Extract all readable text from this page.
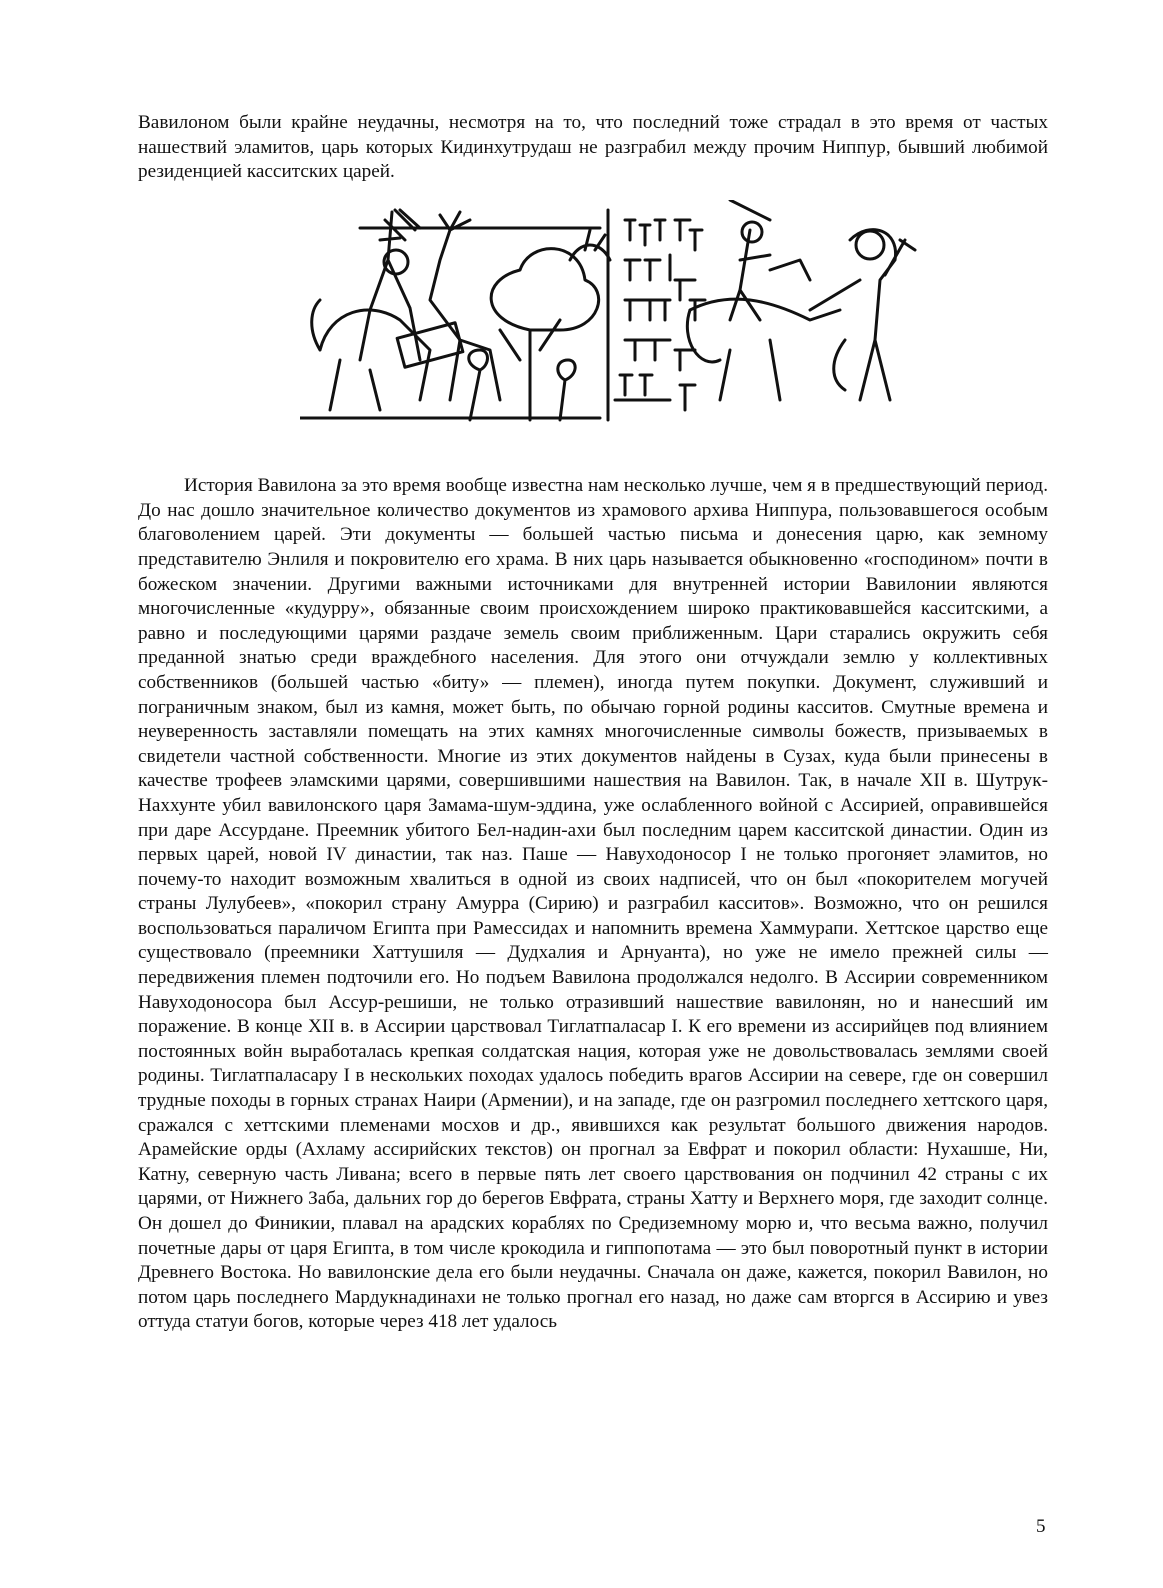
Вавилоном были крайне неудачны, несмотря на то, что последний тоже страдал в это время от частых нашествий эламитов, царь которых Кидинхутрудаш не разграбил между прочим Ниппур, бывший любимой резиденцией касситских царей.

История Вавилона за это время вообще известна нам несколько лучше, чем я в предшествующий период. До нас дошло значительное количество документов из храмового архива Ниппура, пользовавшегося особым благоволением царей. Эти документы — большей частью письма и донесения царю, как земному представителю Энлиля и покровителю его храма. В них царь называется обыкновенно «господином» почти в божеском значении. Другими важными источниками для внутренней истории Вавилонии являются многочисленные «кудурру», обязанные своим происхождением широко практиковавшейся касситскими, а равно и последующими царями раздаче земель своим приближенным. Цари старались окружить себя преданной знатью среди враждебного населения. Для этого они отчуждали землю у коллективных собственников (большей частью «биту» — племен), иногда путем покупки. Документ, служивший и пограничным знаком, был из камня, может быть, по обычаю горной родины касситов. Смутные времена и неуверенность заставляли помещать на этих камнях многочисленные символы божеств, призываемых в свидетели частной собственности. Многие из этих документов найдены в Сузах, куда были принесены в качестве трофеев эламскими царями, совершившими нашествия на Вавилон. Так, в начале XII в. Шутрук-Наххунте убил вавилонского царя Замама-шум-эддина, уже ослабленного войной с Ассирией, оправившейся при даре Ассурдане. Преемник убитого Бел-надин-ахи был последним царем касситской династии. Один из первых царей, новой IV династии, так наз. Паше — Навуходоносор I не только прогоняет эламитов, но почему-то находит возможным хвалиться в одной из своих надписей, что он был «покорителем могучей страны Лулубеев», «покорил страну Амурра (Сирию) и разграбил касситов». Возможно, что он решился воспользоваться параличом Египта при Рамессидах и напомнить времена Хаммурапи. Хеттское царство еще существовало (преемники Хаттушиля — Дудхалия и Арнуанта), но уже не имело прежней силы — передвижения племен подточили его. Но подъем Вавилона продолжался недолго. В Ассирии современником Навуходоносора был Ассур-решиши, не только отразивший нашествие вавилонян, но и нанесший им поражение. В конце XII в. в Ассирии царствовал Тиглатпаласар I. К его времени из ассирийцев под влиянием постоянных войн выработалась крепкая солдатская нация, которая уже не довольствовалась землями своей родины. Тиглатпаласару I в нескольких походах удалось победить врагов Ассирии на севере, где он совершил трудные походы в горных странах Наири (Армении), и на западе, где он разгромил последнего хеттского царя, сражался с хеттскими племенами мосхов и др., явившихся как результат большого движения народов. Арамейские орды (Ахламу ассирийских текстов) он прогнал за Евфрат и покорил области: Нухашше, Ни, Катну, северную часть Ливана; всего в первые пять лет своего царствования он подчинил 42 страны с их царями, от Нижнего Заба, дальних гор до берегов Евфрата, страны Хатту и Верхнего моря, где заходит солнце. Он дошел до Финикии, плавал на арадских кораблях по Средиземному морю и, что весьма важно, получил почетные дары от царя Египта, в том числе крокодила и гиппопотама — это был поворотный пункт в истории Древнего Востока. Но вавилонские дела его были неудачны. Сначала он даже, кажется, покорил Вавилон, но потом царь последнего Мардукнадинахи не только прогнал его назад, но даже сам вторгся в Ассирию и увез оттуда статуи богов, которые через 418 лет удалось

5
